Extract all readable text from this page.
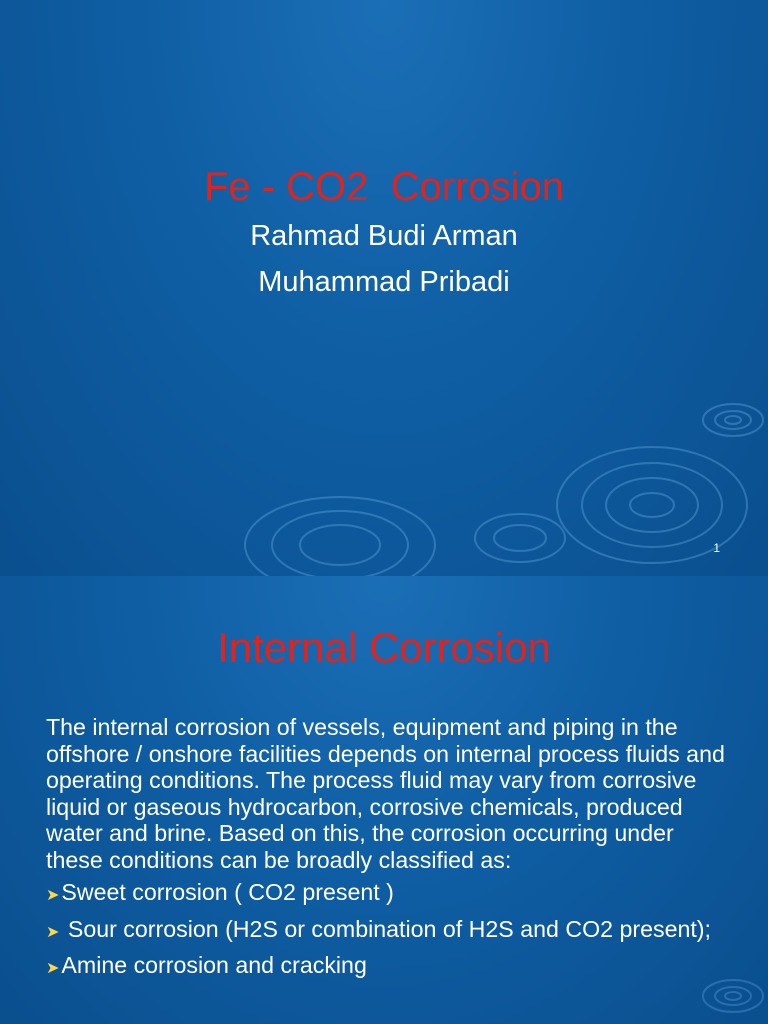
Fe - CO2  Corrosion
Rahmad Budi Arman
Muhammad Pribadi
1
Internal Corrosion

The internal corrosion of vessels, equipment and piping in the offshore / onshore facilities depends on internal process fluids and operating conditions. The process fluid may vary from corrosive liquid or gaseous hydrocarbon, corrosive chemicals, produced water and brine. Based on this, the corrosion occurring under these conditions can be broadly classified as:

➤Sweet corrosion ( CO2 present )
➤ Sour corrosion (H2S or combination of H2S and CO2 present);
➤Amine corrosion and cracking
